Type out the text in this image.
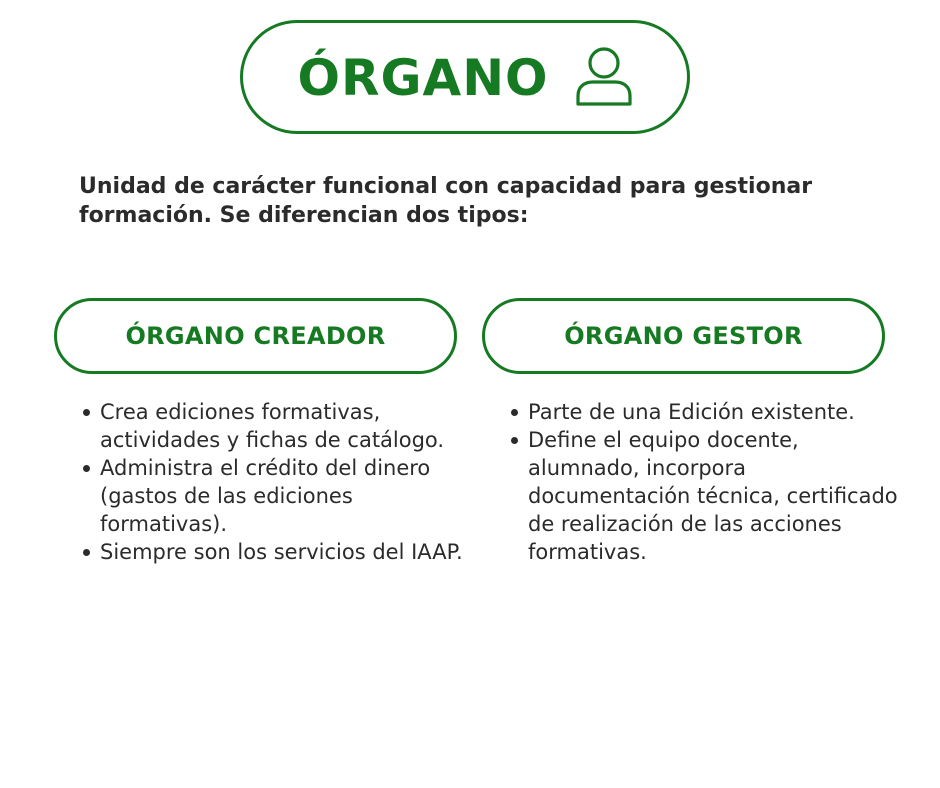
ÓRGANO

Unidad de carácter funcional con capacidad para gestionar formación. Se diferencian dos tipos:

ÓRGANO CREADOR	ÓRGANO GESTOR
Crea ediciones formativas, actividades y fichas de catálogo.
Administra el crédito del dinero (gastos de las ediciones formativas).
Siempre son los servicios del IAAP.
Parte de una Edición existente.
Define el equipo docente, alumnado, incorpora documentación técnica, certificado de realización de las acciones formativas.
